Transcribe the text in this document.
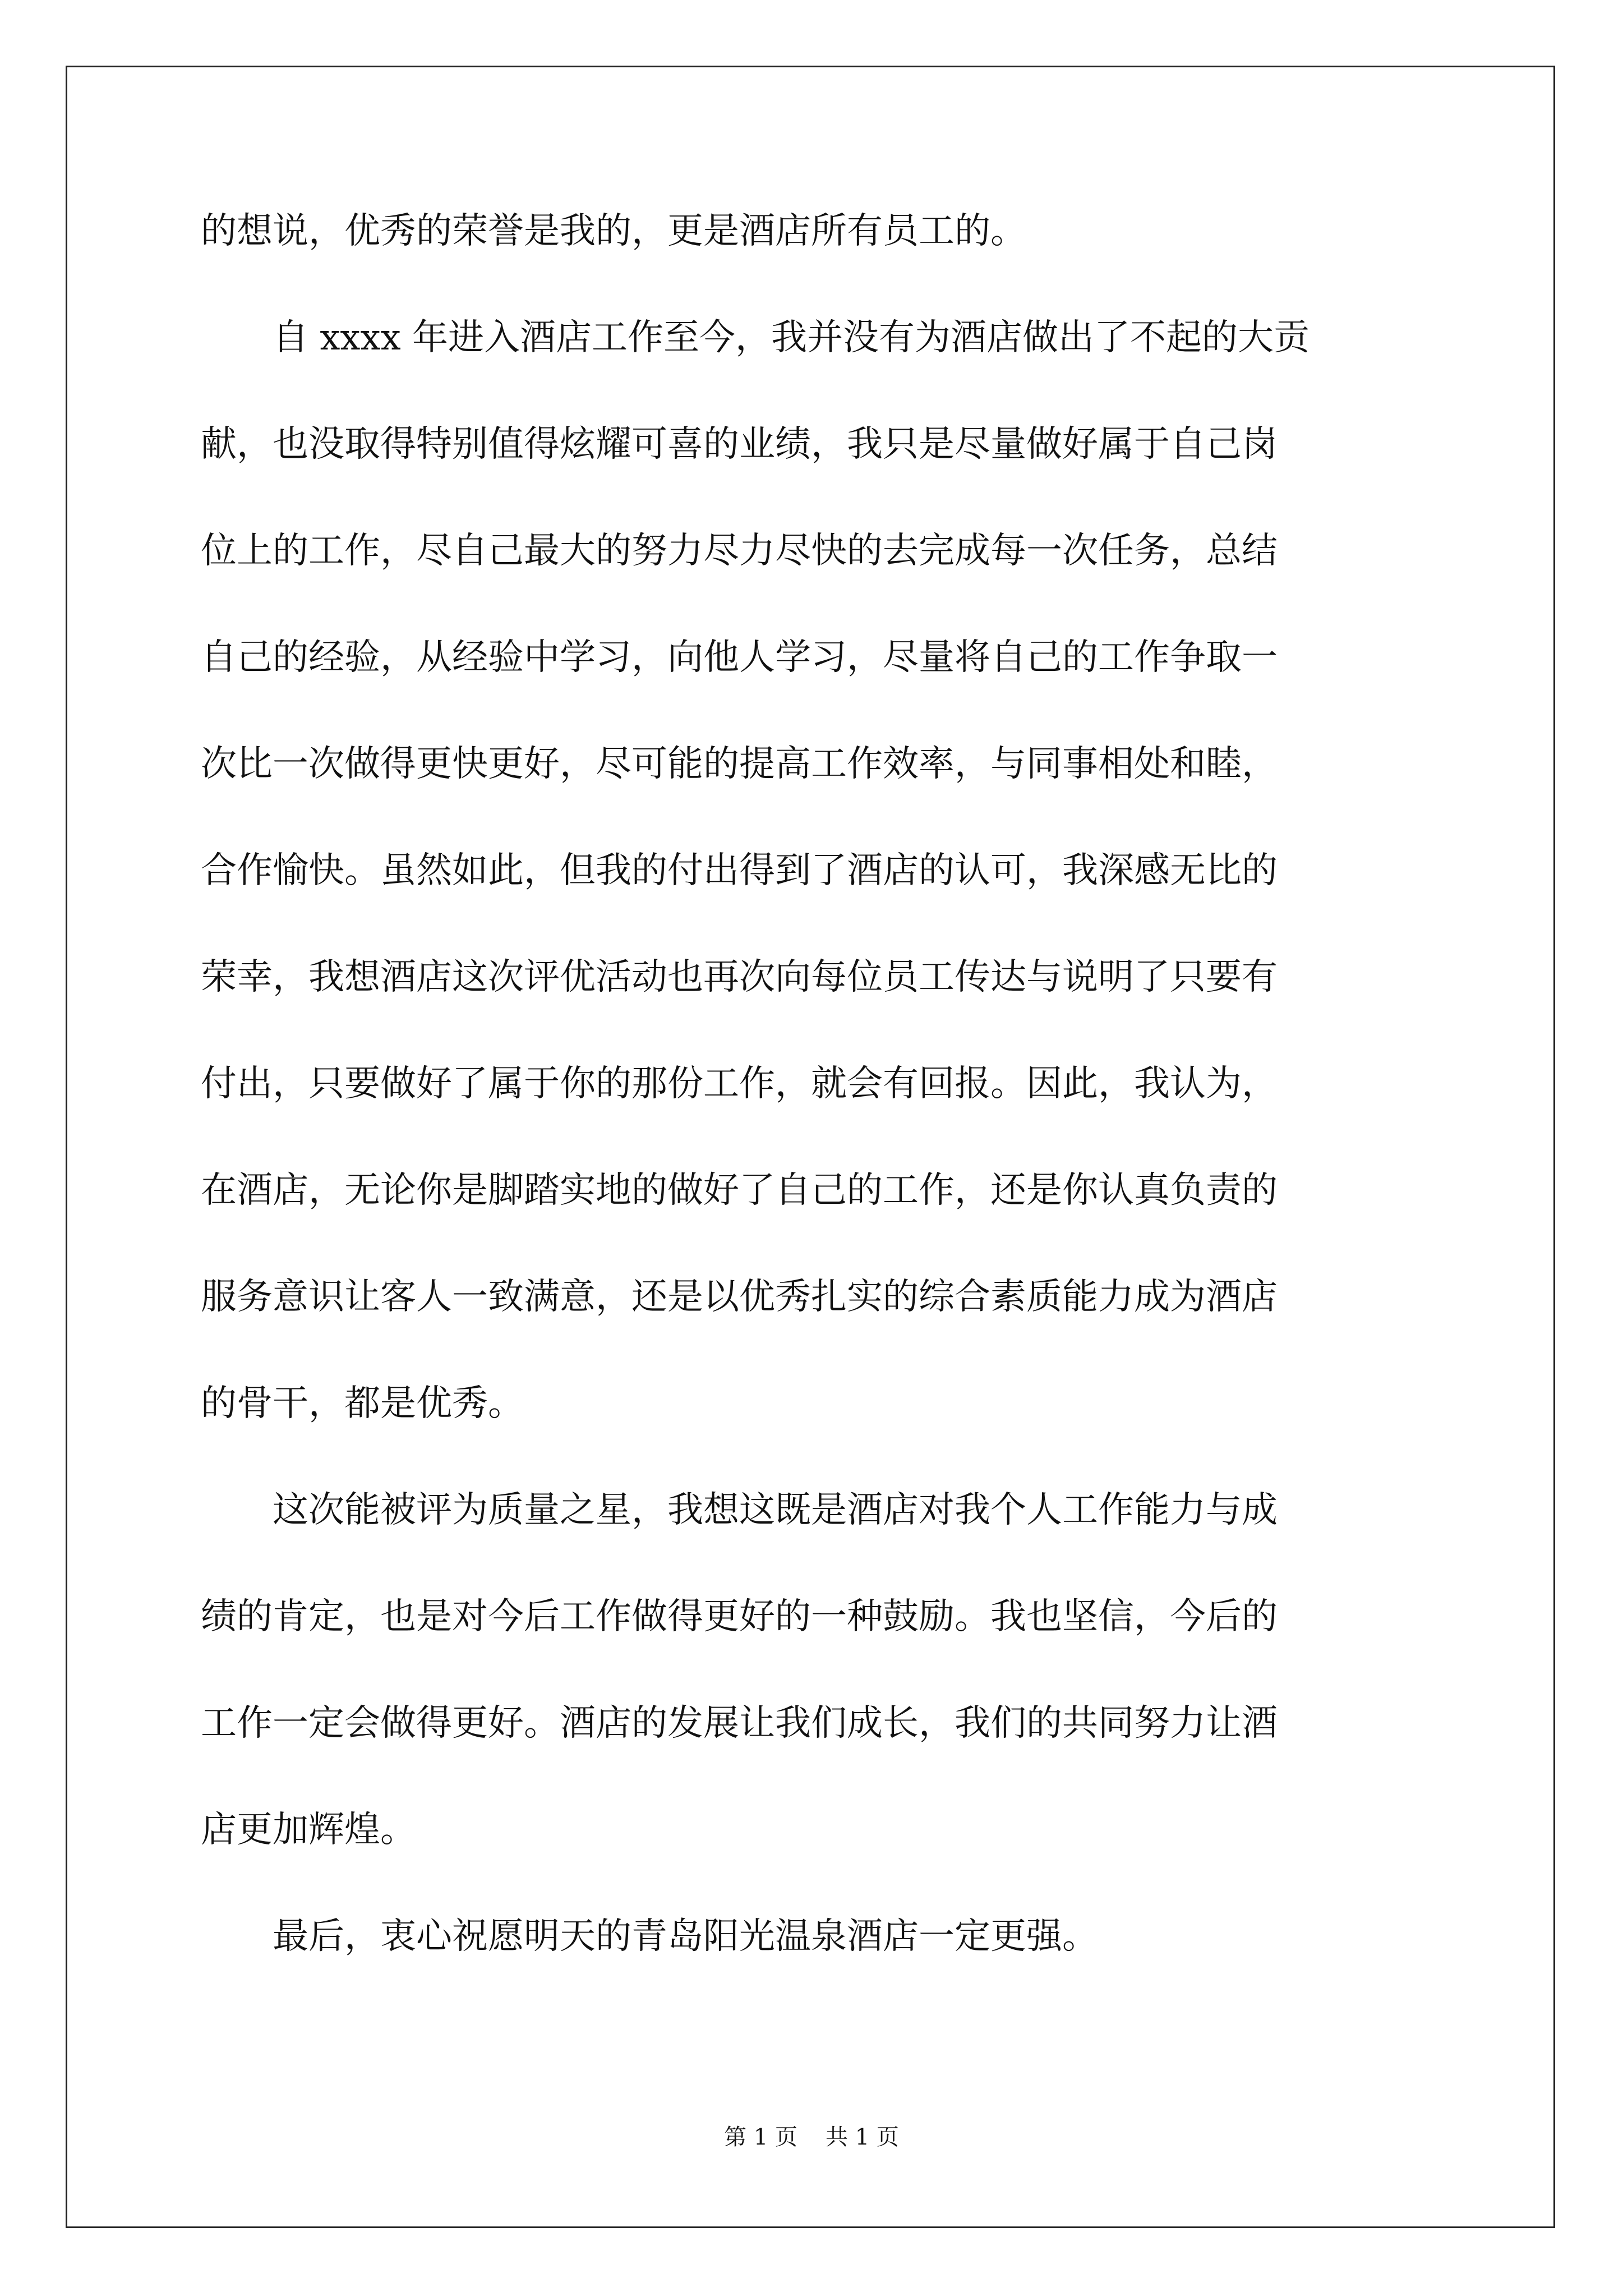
的想说，优秀的荣誉是我的，更是酒店所有员工的。
　　自 xxxx 年进入酒店工作至今，我并没有为酒店做出了不起的大贡
献，也没取得特别值得炫耀可喜的业绩，我只是尽量做好属于自己岗
位上的工作，尽自己最大的努力尽力尽快的去完成每一次任务，总结
自己的经验，从经验中学习，向他人学习，尽量将自己的工作争取一
次比一次做得更快更好，尽可能的提高工作效率，与同事相处和睦，
合作愉快。虽然如此，但我的付出得到了酒店的认可，我深感无比的
荣幸，我想酒店这次评优活动也再次向每位员工传达与说明了只要有
付出，只要做好了属于你的那份工作，就会有回报。因此，我认为，
在酒店，无论你是脚踏实地的做好了自己的工作，还是你认真负责的
服务意识让客人一致满意，还是以优秀扎实的综合素质能力成为酒店
的骨干，都是优秀。
　　这次能被评为质量之星，我想这既是酒店对我个人工作能力与成
绩的肯定，也是对今后工作做得更好的一种鼓励。我也坚信，今后的
工作一定会做得更好。酒店的发展让我们成长，我们的共同努力让酒
店更加辉煌。
　　最后，衷心祝愿明天的青岛阳光温泉酒店一定更强。
第 1 页 共 1 页
